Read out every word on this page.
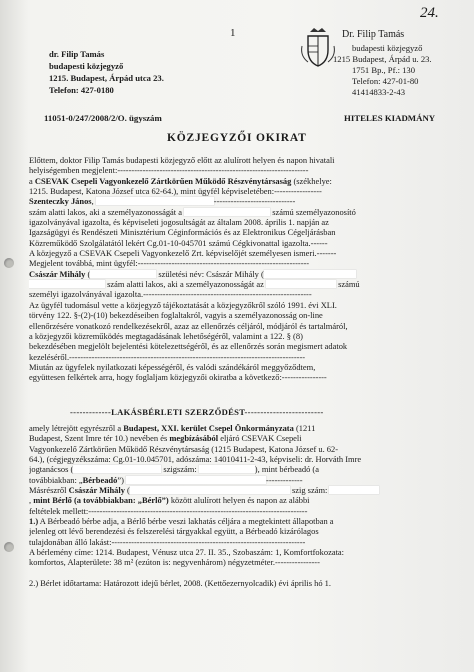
1
24.
dr. Filip Tamás
budapesti közjegyző
1215. Budapest, Árpád utca 23.
Telefon: 427-0180
Dr. Filip Tamás
budapesti közjegyző
1215 Budapest, Árpád u. 23.
1751 Bp., Pf.: 130
Telefon: 427-01-80
41414833-2-43
11051-0/247/2008/2/O. ügyszám	HITELES KIADMÁNY
KÖZJEGYZŐI OKIRAT
Előttem, doktor Filip Tamás budapesti közjegyző előtt az alulírott helyen és napon hivatali
helyiségemben megjelent:--------------------------------------------------------------------
a CSEVAK Csepeli Vagyonkezelő Zártkörűen Működő Részvénytársaság (székhelye:
1215. Budapest, Katona József utca 62-64.), mint ügyfél képviseletében:-----------------
Szenteczky János,	-----------------------------
szám alatti lakos, aki a személyazonosságát a	számú személyazonosító
igazolványával igazolta, és képviseleti jogosultságát az általam 2008. április 1. napján az
Igazságügyi és Rendészeti Minisztérium Céginformációs és az Elektronikus Cégeljárásban
Közreműködő Szolgálatától lekért Cg.01-10-045701 számú Cégkivonattal igazolta.------
A közjegyző a CSEVAK Csepeli Vagyonkezelő Zrt. képviselőjét személyesen ismeri.-------
Megjelent továbbá, mint ügyfél:-------------------------------------------------------------
Császár Mihály (	születési név: Császár Mihály (
szám alatti lakos, aki a személyazonosságát az	számú
személyi igazolványával igazolta.------------------------------------------------------------
Az ügyfél tudomásul vette a közjegyző tájékoztatását a közjegyzőkről szóló 1991. évi XLI.
törvény 122. §-(2)-(10) bekezdéseiben foglaltakról, vagyis a személyazonosság on-line
ellenőrzésére vonatkozó rendelkezésekről, azaz az ellenőrzés céljáról, módjáról és tartalmáról,
a közjegyzői közreműködés megtagadásának lehetőségéről, valamint a 122. § (8)
bekezdésében megjelölt bejelentési kötelezettségéről, és az ellenőrzés során megismert adatok
kezeléséről.------------------------------------------------------------------------------------
Miután az ügyfelek nyilatkozati képességéről, és valódi szándékáról meggyőződtem,
együttesen felkértek arra, hogy foglaljam közjegyzői okiratba a következő:----------------
-------------LAKÁSBÉRLETI SZERZŐDÉST-------------------------
amely létrejött egyrészről a Budapest, XXI. kerület Csepel Önkormányzata (1211
Budapest, Szent Imre tér 10.) nevében és megbízásából eljáró CSEVAK Csepeli
Vagyonkezelő Zártkörűen Működő Részvénytársaság (1215 Budapest, Katona József u. 62-
64.), (cégjegyzékszáma: Cg.01-10.045701, adószáma: 14010411-2-43, képviseli: dr. Horváth Imre
jogtanácsos (	szigszám:	), mint bérbeadó (a
továbbiakban: „Bérbeadó”)	-------------
Másrészről Császár Mihály (	szig szám:
, mint Bérlő (a továbbiakban: „Bérlő”) között alulírott helyen és napon az alábbi
feltételek mellett:------------------------------------------------------------------------------
1.) A Bérbeadó bérbe adja, a Bérlő bérbe veszi lakhatás céljára a megtekintett állapotban a
jelenleg ott lévő berendezési és felszerelési tárgyakkal együtt, a Bérbeadó kizárólagos
tulajdonában álló lakást:---------------------------------------------------------------------
A bérlemény címe: 1214. Budapest, Vénusz utca 27. II. 35., Szobaszám: 1, Komfortfokozata:
komfortos, Alapterülete: 38 m² (ezúton is: negyvenhárom) négyzetméter.----------------
2.) Bérlet időtartama: Határozott idejű bérlet, 2008. (Kettőezernyolcadik) évi április hó 1.
